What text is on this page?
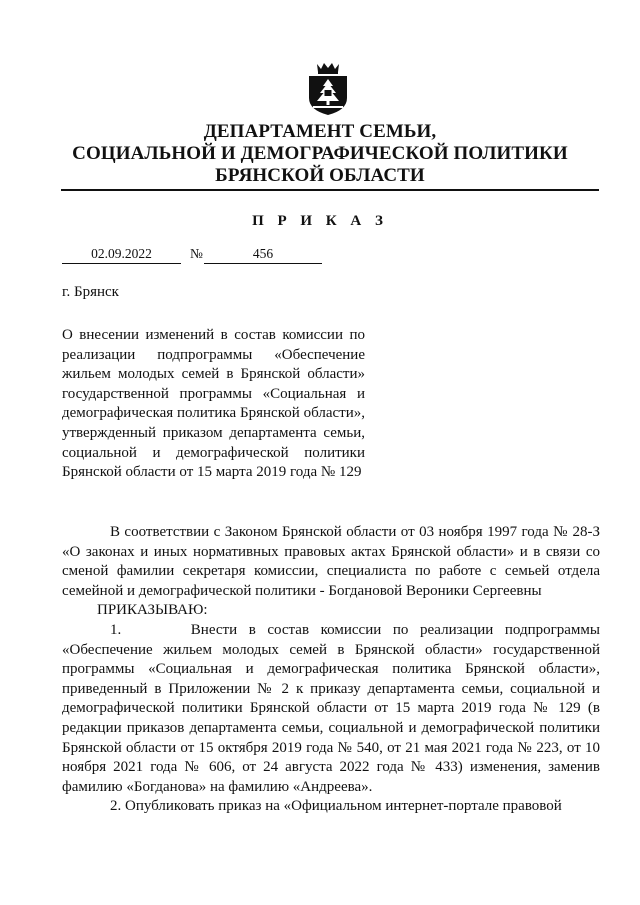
ДЕПАРТАМЕНТ СЕМЬИ,
СОЦИАЛЬНОЙ И ДЕМОГРАФИЧЕСКОЙ ПОЛИТИКИ
БРЯНСКОЙ ОБЛАСТИ
П Р И К А З
02.09.2022	№	456
г. Брянск
О внесении изменений в состав комиссии по реализации подпрограммы «Обеспечение жильем молодых семей в Брянской области» государственной программы «Социальная и демографическая политика Брянской области», утвержденный приказом департамента семьи, социальной и демографической политики Брянской области от 15 марта 2019 года № 129

В соответствии с Законом Брянской области от 03 ноября 1997 года № 28-З «О законах и иных нормативных правовых актах Брянской области» и в связи со сменой фамилии секретаря комиссии, специалиста по работе с семьей отдела семейной и демографической политики - Богдановой Вероники Сергеевны

ПРИКАЗЫВАЮ:

1.      Внести в состав комиссии по реализации подпрограммы «Обеспечение жильем молодых семей в Брянской области» государственной программы «Социальная и демографическая политика Брянской области», приведенный в Приложении № 2 к приказу департамента семьи, социальной и демографической политики Брянской области от 15 марта 2019 года № 129 (в редакции приказов департамента семьи, социальной и демографической политики Брянской области от 15 октября 2019 года № 540, от 21 мая 2021 года № 223, от 10 ноября 2021 года № 606, от 24 августа 2022 года № 433) изменения, заменив фамилию «Богданова» на фамилию «Андреева».

2. Опубликовать приказ на «Официальном интернет-портале правовой
